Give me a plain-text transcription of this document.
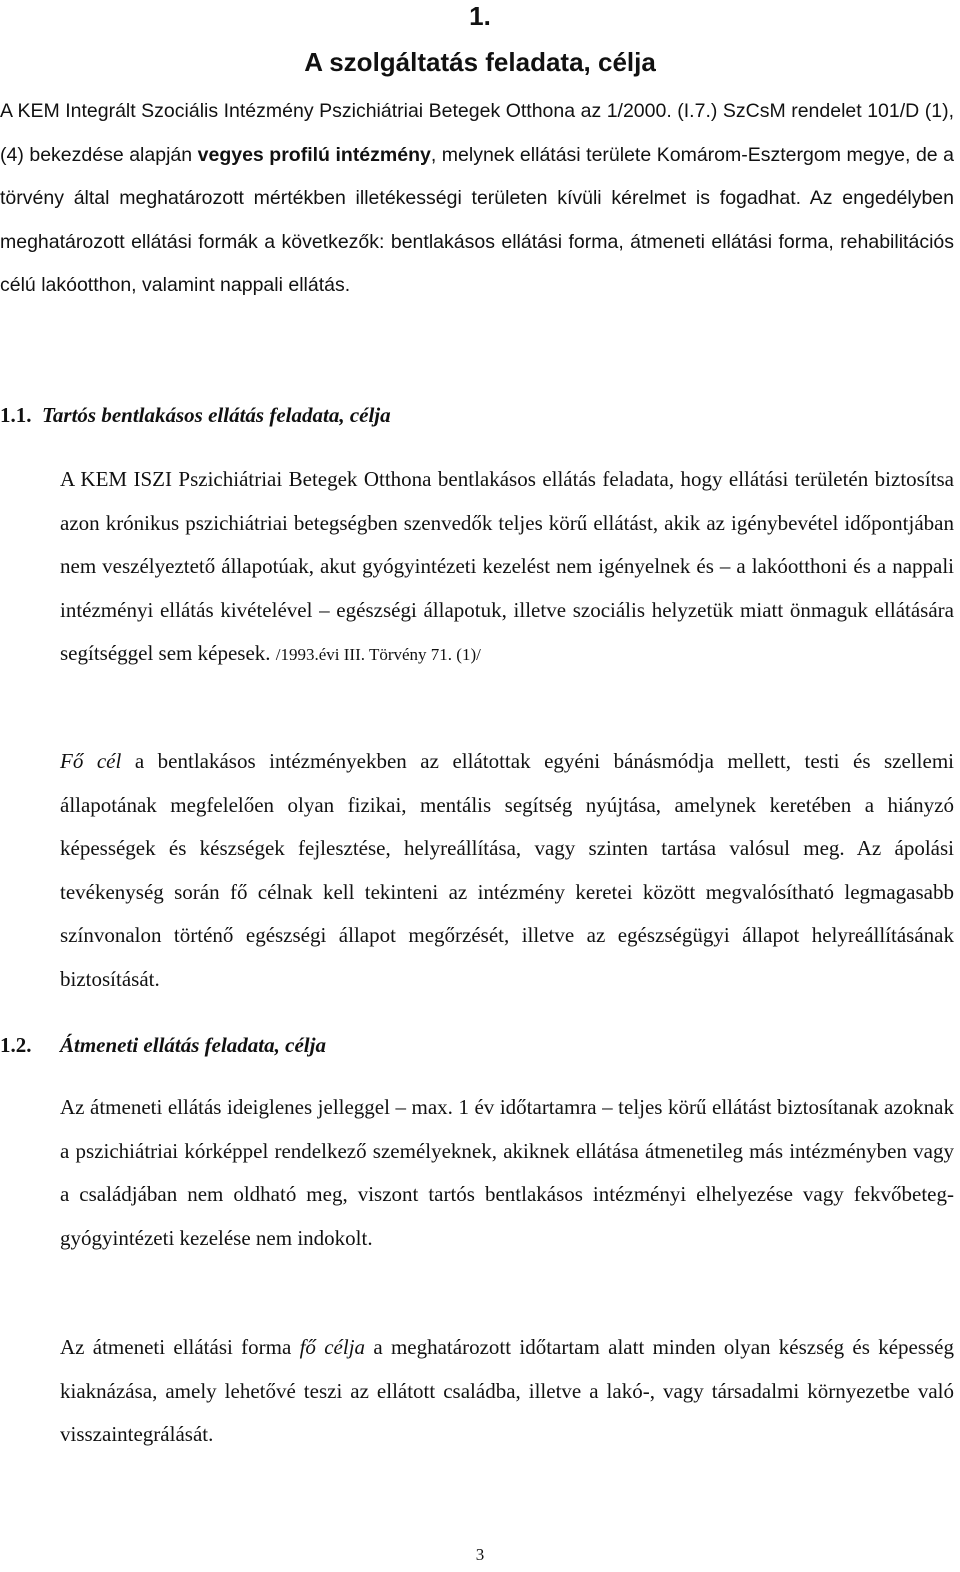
1.
A szolgáltatás feladata, célja

A KEM Integrált Szociális Intézmény Pszichiátriai Betegek Otthona az 1/2000. (I.7.) SzCsM rendelet 101/D (1), (4) bekezdése alapján vegyes profilú intézmény, melynek ellátási területe Komárom-Esztergom megye, de a törvény által meghatározott mértékben illetékességi területen kívüli kérelmet is fogadhat. Az engedélyben meghatározott ellátási formák a következők: bentlakásos ellátási forma, átmeneti ellátási forma, rehabilitációs célú lakóotthon, valamint nappali ellátás.

1.1. Tartós bentlakásos ellátás feladata, célja

A KEM ISZI Pszichiátriai Betegek Otthona bentlakásos ellátás feladata, hogy ellátási területén biztosítsa azon krónikus pszichiátriai betegségben szenvedők teljes körű ellátást, akik az igénybevétel időpontjában nem veszélyeztető állapotúak, akut gyógyintézeti kezelést nem igényelnek és – a lakóotthoni és a nappali intézményi ellátás kivételével – egészségi állapotuk, illetve szociális helyzetük miatt önmaguk ellátására segítséggel sem képesek. /1993.évi III. Törvény 71. (1)/

Fő cél a bentlakásos intézményekben az ellátottak egyéni bánásmódja mellett, testi és szellemi állapotának megfelelően olyan fizikai, mentális segítség nyújtása, amelynek keretében a hiányzó képességek és készségek fejlesztése, helyreállítása, vagy szinten tartása valósul meg. Az ápolási tevékenység során fő célnak kell tekinteni az intézmény keretei között megvalósítható legmagasabb színvonalon történő egészségi állapot megőrzését, illetve az egészségügyi állapot helyreállításának biztosítását.

1.2. Átmeneti ellátás feladata, célja

Az átmeneti ellátás ideiglenes jelleggel – max. 1 év időtartamra – teljes körű ellátást biztosítanak azoknak a pszichiátriai kórképpel rendelkező személyeknek, akiknek ellátása átmenetileg más intézményben vagy a családjában nem oldható meg, viszont tartós bentlakásos intézményi elhelyezése vagy fekvőbeteg-gyógyintézeti kezelése nem indokolt.

Az átmeneti ellátási forma fő célja a meghatározott időtartam alatt minden olyan készség és képesség kiaknázása, amely lehetővé teszi az ellátott családba, illetve a lakó-, vagy társadalmi környezetbe való visszaintegrálását.

3
